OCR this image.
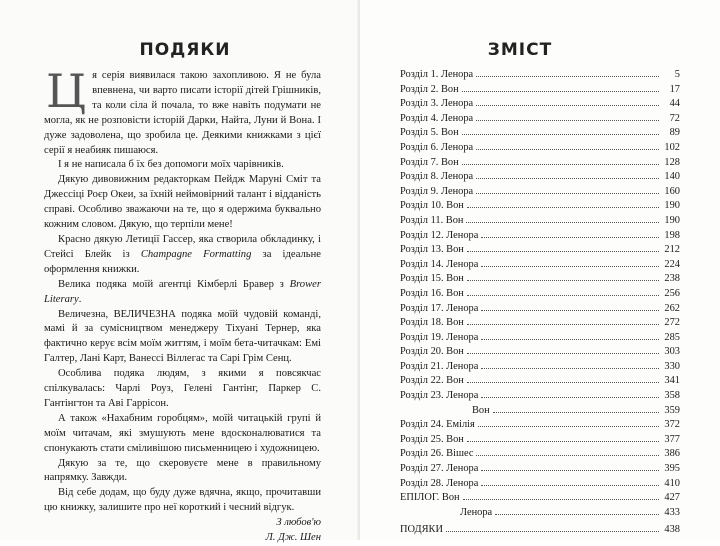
ПОДЯКИ

Ця серія виявилася такою захопливою. Я не була впевнена, чи варто писати історії дітей Грішників, та коли сіла й почала, то вже навіть подумати не могла, як не розповісти історій Дарки, Найта, Луни й Вона. І дуже задоволена, що зробила це. Деякими книжками з цієї серії я неабияк пишаюся.

І я не написала б їх без допомоги моїх чарівників.

Дякую дивовижним редакторкам Пейдж Маруні Сміт та Джессіці Роєр Океи, за їхній неймовірний талант і відданість справі. Особливо зважаючи на те, що я одержима буквально кожним словом. Дякую, що терпіли мене!

Красно дякую Летиції Гассер, яка створила обкладинку, і Стейсі Блейк із Champagne Formatting за ідеальне оформлення книжки.

Велика подяка моїй агентці Кімберлі Бравер з Brower Literary.

Величезна, ВЕЛИЧЕЗНА подяка моїй чудовій команді, мамі й за сумісництвом менеджеру Тіхуані Тернер, яка фактично керує всім моїм життям, і моїм бета-читачкам: Емі Галтер, Лані Карт, Ванессі Віллегас та Сарі Грім Сенц.

Особлива подяка людям, з якими я повсякчас спілкувалась: Чарлі Роуз, Гелені Гантінг, Паркер С. Гантінгтон та Аві Гаррісон.

А також «Нахабним горобцям», моїй читацькій групі й моїм читачам, які змушують мене вдосконалюватися та спонукають стати сміливішою письменницею і художницею.

Дякую за те, що скеровуєте мене в правильному напрямку. Завжди.

Від себе додам, що буду дуже вдячна, якщо, прочитавши цю книжку, залишите про неї короткий і чесний відгук.

З любов'ю

Л. Дж. Шен

ЗМІСТ
Розділ 1. Ленора	5
Розділ 2. Вон	17
Розділ 3. Ленора	44
Розділ 4. Ленора	72
Розділ 5. Вон	89
Розділ 6. Ленора	102
Розділ 7. Вон	128
Розділ 8. Ленора	140
Розділ 9. Ленора	160
Розділ 10. Вон	190
Розділ 11. Вон	190
Розділ 12. Ленора	198
Розділ 13. Вон	212
Розділ 14. Ленора	224
Розділ 15. Вон	238
Розділ 16. Вон	256
Розділ 17. Ленора	262
Розділ 18. Вон	272
Розділ 19. Ленора	285
Розділ 20. Вон	303
Розділ 21. Ленора	330
Розділ 22. Вон	341
Розділ 23. Ленора	358
Вон	359
Розділ 24. Емілія	372
Розділ 25. Вон	377
Розділ 26. Вішес	386
Розділ 27. Ленора	395
Розділ 28. Ленора	410
ЕПІЛОГ. Вон	427
Ленора	433
ПОДЯКИ	438
